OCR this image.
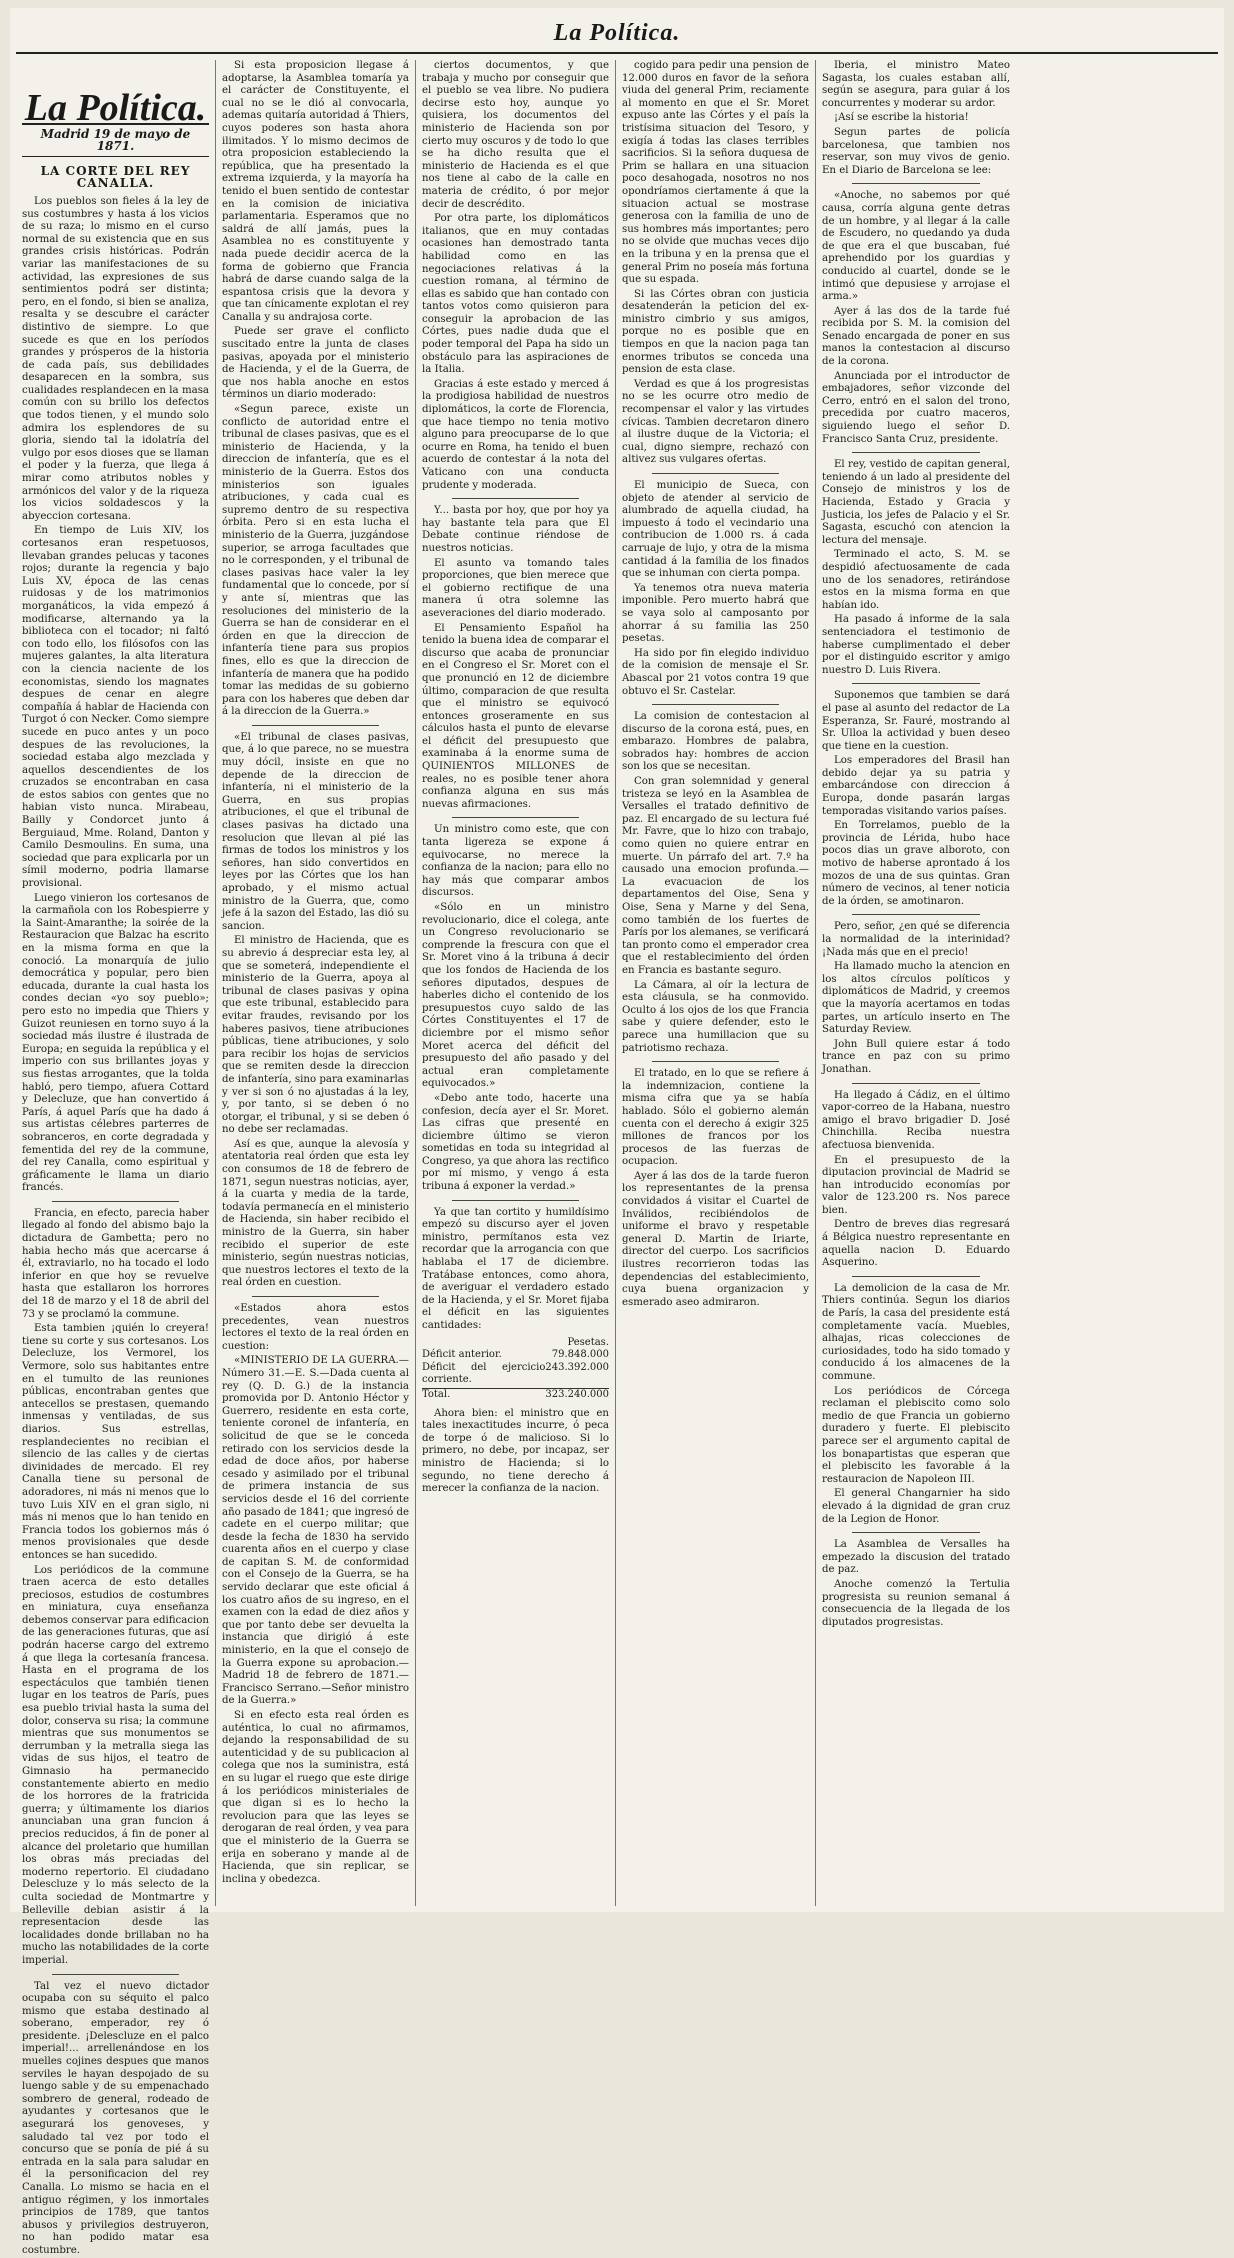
La Política.
La Política.
Madrid 19 de mayo de 1871.
LA CORTE DEL REY CANALLA.

Los pueblos son fieles á la ley de sus costumbres y hasta á los vicios de su raza; lo mismo en el curso normal de su existencia que en sus grandes crisis históricas. Podrán variar las manifestaciones de su actividad, las expresiones de sus sentimientos podrá ser distinta; pero, en el fondo, si bien se analiza, resalta y se descubre el carácter distintivo de siempre. Lo que sucede es que en los períodos grandes y prósperos de la historia de cada país, sus debilidades desaparecen en la sombra, sus cualidades resplandecen en la masa común con su brillo los defectos que todos tienen, y el mundo solo admira los esplendores de su gloria, siendo tal la idolatría del vulgo por esos dioses que se llaman el poder y la fuerza, que llega á mirar como atributos nobles y armónicos del valor y de la riqueza los vicios soldadescos y la abyeccion cortesana.

En tiempo de Luis XIV, los cortesanos eran respetuosos, llevaban grandes pelucas y tacones rojos; durante la regencia y bajo Luis XV, época de las cenas ruidosas y de los matrimonios morganáticos, la vida empezó á modificarse, alternando ya la biblioteca con el tocador; ni faltó con todo ello, los filósofos con las mujeres galantes, la alta literatura con la ciencia naciente de los economistas, siendo los magnates despues de cenar en alegre compañía á hablar de Hacienda con Turgot ó con Necker. Como siempre sucede en puco antes y un poco despues de las revoluciones, la sociedad estaba algo mezclada y aquellos descendientes de los cruzados se encontraban en casa de estos sabios con gentes que no habian visto nunca. Mirabeau, Bailly y Condorcet junto á Berguiaud, Mme. Roland, Danton y Camilo Desmoulins. En suma, una sociedad que para explicarla por un símil moderno, podria llamarse provisional.

Luego vinieron los cortesanos de la carmañola con los Robespierre y la Saint-Amaranthe; la soirée de la Restauracion que Balzac ha escrito en la misma forma en que la conoció. La monarquía de julio democrática y popular, pero bien educada, durante la cual hasta los condes decian «yo soy pueblo»; pero esto no impedia que Thiers y Guizot reuniesen en torno suyo á la sociedad más ilustre é ilustrada de Europa; en seguida la república y el imperio con sus brillantes joyas y sus fiestas arrogantes, que la tolda habló, pero tiempo, afuera Cottard y Delecluze, que han convertido á París, á aquel París que ha dado á sus artistas célebres parterres de sobranceros, en corte degradada y fementida del rey de la commune, del rey Canalla, como espiritual y gráficamente le llama un diario francés.

Francia, en efecto, parecia haber llegado al fondo del abismo bajo la dictadura de Gambetta; pero no habia hecho más que acercarse á él, extraviarlo, no ha tocado el lodo inferior en que hoy se revuelve hasta que estallaron los horrores del 18 de marzo y el 18 de abril del 73 y se proclamó la commune.

Esta tambien ¡quién lo creyera! tiene su corte y sus cortesanos. Los Delecluze, los Vermorel, los Vermore, solo sus habitantes entre en el tumulto de las reuniones públicas, encontraban gentes que antecellos se prestasen, quemando inmensas y ventiladas, de sus diarios. Sus estrellas, resplandecientes no recibian el silencio de las calles y de ciertas divinidades de mercado. El rey Canalla tiene su personal de adoradores, ni más ni menos que lo tuvo Luis XIV en el gran siglo, ni más ni menos que lo han tenido en Francia todos los gobiernos más ó menos provisionales que desde entonces se han sucedido.

Los periódicos de la commune traen acerca de esto detalles preciosos, estudios de costumbres en miniatura, cuya enseñanza debemos conservar para edificacion de las generaciones futuras, que así podrán hacerse cargo del extremo á que llega la cortesanía francesa. Hasta en el programa de los espectáculos que también tienen lugar en los teatros de París, pues esa pueblo trivial hasta la suma del dolor, conserva su risa; la commune mientras que sus monumentos se derrumban y la metralla siega las vidas de sus hijos, el teatro de Gimnasio ha permanecido constantemente abierto en medio de los horrores de la fratricida guerra; y últimamente los diarios anunciaban una gran funcion á precios reducidos, á fin de poner al alcance del proletario que humillan los obras más preciadas del moderno repertorio. El ciudadano Delescluze y lo más selecto de la culta sociedad de Montmartre y Belleville debian asistir á la representacion desde las localidades donde brillaban no ha mucho las notabilidades de la corte imperial.

Tal vez el nuevo dictador ocupaba con su séquito el palco mismo que estaba destinado al soberano, emperador, rey ó presidente. ¡Delescluze en el palco imperial!... arrellenándose en los muelles cojines despues que manos serviles le hayan despojado de su luengo sable y de su empenachado sombrero de general, rodeado de ayudantes y cortesanos que le asegurará los genoveses, y saludado tal vez por todo el concurso que se ponía de pié á su entrada en la sala para saludar en él la personificacion del rey Canalla. Lo mismo se hacia en el antiguo régimen, y los inmortales principios de 1789, que tantos abusos y privilegios destruyeron, no han podido matar esa costumbre.

Si esta proposicion llegase á adoptarse, la Asamblea tomaría ya el carácter de Constituyente, el cual no se le dió al convocarla, ademas quitaría autoridad á Thiers, cuyos poderes son hasta ahora ilimitados. Y lo mismo decimos de otra proposicion estableciendo la república, que ha presentado la extrema izquierda, y la mayoría ha tenido el buen sentido de contestar en la comision de iniciativa parlamentaria. Esperamos que no saldrá de allí jamás, pues la Asamblea no es constituyente y nada puede decidir acerca de la forma de gobierno que Francia habrá de darse cuando salga de la espantosa crisis que la devora y que tan cínicamente explotan el rey Canalla y su andrajosa corte.

Puede ser grave el conflicto suscitado entre la junta de clases pasivas, apoyada por el ministerio de Hacienda, y el de la Guerra, de que nos habla anoche en estos términos un diario moderado:

«Segun parece, existe un conflicto de autoridad entre el tribunal de clases pasivas, que es el ministerio de Hacienda, y la direccion de infantería, que es el ministerio de la Guerra. Estos dos ministerios son iguales atribuciones, y cada cual es supremo dentro de su respectiva órbita. Pero si en esta lucha el ministerio de la Guerra, juzgándose superior, se arroga facultades que no le corresponden, y el tribunal de clases pasivas hace valer la ley fundamental que lo concede, por sí y ante sí, mientras que las resoluciones del ministerio de la Guerra se han de considerar en el órden en que la direccion de infantería tiene para sus propios fines, ello es que la direccion de infantería de manera que ha podido tomar las medidas de su gobierno para con los haberes que deben dar á la direccion de la Guerra.»

«El tribunal de clases pasivas, que, á lo que parece, no se muestra muy dócil, insiste en que no depende de la direccion de infantería, ni el ministerio de la Guerra, en sus propias atribuciones, el que el tribunal de clases pasivas ha dictado una resolucion que llevan al pié las firmas de todos los ministros y los señores, han sido convertidos en leyes por las Córtes que los han aprobado, y el mismo actual ministro de la Guerra, que, como jefe á la sazon del Estado, las dió su sancion.

El ministro de Hacienda, que es su abrevio á despreciar esta ley, al que se someterá, independiente el ministerio de la Guerra, apoya al tribunal de clases pasivas y opina que este tribunal, establecido para evitar fraudes, revisando por los haberes pasivos, tiene atribuciones públicas, tiene atribuciones, y solo para recibir los hojas de servicios que se remiten desde la direccion de infantería, sino para examinarlas y ver si son ó no ajustadas á la ley, y, por tanto, si se deben ó no otorgar, el tribunal, y si se deben ó no debe ser reclamadas.

Así es que, aunque la alevosía y atentatoria real órden que esta ley con consumos de 18 de febrero de 1871, segun nuestras noticias, ayer, á la cuarta y media de la tarde, todavía permanecía en el ministerio de Hacienda, sin haber recibido el ministro de la Guerra, sin haber recibido el superior de este ministerio, según nuestras noticias, que nuestros lectores el texto de la real órden en cuestion.

«Estados ahora estos precedentes, vean nuestros lectores el texto de la real órden en cuestion:

«MINISTERIO DE LA GUERRA.—Número 31.—E. S.—Dada cuenta al rey (Q. D. G.) de la instancia promovida por D. Antonio Héctor y Guerrero, residente en esta corte, teniente coronel de infantería, en solicitud de que se le conceda retirado con los servicios desde la edad de doce años, por haberse cesado y asimilado por el tribunal de primera instancia de sus servicios desde el 16 del corriente año pasado de 1841; que ingresó de cadete en el cuerpo militar; que desde la fecha de 1830 ha servido cuarenta años en el cuerpo y clase de capitan S. M. de conformidad con el Consejo de la Guerra, se ha servido declarar que este oficial á los cuatro años de su ingreso, en el examen con la edad de diez años y que por tanto debe ser devuelta la instancia que dirigió á este ministerio, en la que el consejo de la Guerra expone su aprobacion.—Madrid 18 de febrero de 1871.—Francisco Serrano.—Señor ministro de la Guerra.»

Si en efecto esta real órden es auténtica, lo cual no afirmamos, dejando la responsabilidad de su autenticidad y de su publicacion al colega que nos la suministra, está en su lugar el ruego que este dirige á los periódicos ministeriales de que digan si es lo hecho la revolucion para que las leyes se derogaran de real órden, y vea para que el ministerio de la Guerra se erija en soberano y mande al de Hacienda, que sin replicar, se inclina y obedezca.

ciertos documentos, y que trabaja y mucho por conseguir que el pueblo se vea libre. No pudiera decirse esto hoy, aunque yo quisiera, los documentos del ministerio de Hacienda son por cierto muy oscuros y de todo lo que se ha dicho resulta que el ministerio de Hacienda es el que nos tiene al cabo de la calle en materia de crédito, ó por mejor decir de descrédito.

Por otra parte, los diplomáticos italianos, que en muy contadas ocasiones han demostrado tanta habilidad como en las negociaciones relativas á la cuestion romana, al término de ellas es sabido que han contado con tantos votos como quisieron para conseguir la aprobacion de las Córtes, pues nadie duda que el poder temporal del Papa ha sido un obstáculo para las aspiraciones de la Italia.

Gracias á este estado y merced á la prodigiosa habilidad de nuestros diplomáticos, la corte de Florencia, que hace tiempo no tenia motivo alguno para preocuparse de lo que ocurre en Roma, ha tenido el buen acuerdo de contestar á la nota del Vaticano con una conducta prudente y moderada.

Y... basta por hoy, que por hoy ya hay bastante tela para que El Debate continue riéndose de nuestros noticias.

El asunto va tomando tales proporciones, que bien merece que el gobierno rectifique de una manera ú otra solemne las aseveraciones del diario moderado.

El Pensamiento Español ha tenido la buena idea de comparar el discurso que acaba de pronunciar en el Congreso el Sr. Moret con el que pronunció en 12 de diciembre último, comparacion de que resulta que el ministro se equivocó entonces groseramente en sus cálculos hasta el punto de elevarse el déficit del presupuesto que examinaba á la enorme suma de QUINIENTOS MILLONES de reales, no es posible tener ahora confianza alguna en sus más nuevas afirmaciones.

Un ministro como este, que con tanta ligereza se expone á equivocarse, no merece la confianza de la nacion; para ello no hay más que comparar ambos discursos.

«Sólo en un ministro revolucionario, dice el colega, ante un Congreso revolucionario se comprende la frescura con que el Sr. Moret vino á la tribuna á decir que los fondos de Hacienda de los señores diputados, despues de haberles dicho el contenido de los presupuestos cuyo saldo de las Córtes Constituyentes el 17 de diciembre por el mismo señor Moret acerca del déficit del presupuesto del año pasado y del actual eran completamente equivocados.»

«Debo ante todo, hacerte una confesion, decía ayer el Sr. Moret. Las cifras que presenté en diciembre último se vieron sometidas en toda su integridad al Congreso, ya que ahora las rectifico por mí mismo, y vengo á esta tribuna á exponer la verdad.»

Ya que tan cortito y humildísimo empezó su discurso ayer el joven ministro, permítanos esta vez recordar que la arrogancia con que hablaba el 17 de diciembre. Tratábase entonces, como ahora, de averiguar el verdadero estado de la Hacienda, y el Sr. Moret fijaba el déficit en las siguientes cantidades:

Pesetas.
Déficit anterior.	79.848.000
Déficit del ejercicio corriente.
243.392.000
Total.	323.240.000

Ahora bien: el ministro que en tales inexactitudes incurre, ó peca de torpe ó de malicioso. Si lo primero, no debe, por incapaz, ser ministro de Hacienda; si lo segundo, no tiene derecho á merecer la confianza de la nacion.

cogido para pedir una pension de 12.000 duros en favor de la señora viuda del general Prim, reciamente al momento en que el Sr. Moret expuso ante las Córtes y el país la tristísima situacion del Tesoro, y exigía á todas las clases terribles sacrificios. Si la señora duquesa de Prim se hallara en una situacion poco desahogada, nosotros no nos opondríamos ciertamente á que la situacion actual se mostrase generosa con la familia de uno de sus hombres más importantes; pero no se olvide que muchas veces dijo en la tribuna y en la prensa que el general Prim no poseía más fortuna que su espada.

Si las Córtes obran con justicia desatenderán la peticion del ex-ministro cimbrio y sus amigos, porque no es posible que en tiempos en que la nacion paga tan enormes tributos se conceda una pension de esta clase.

Verdad es que á los progresistas no se les ocurre otro medio de recompensar el valor y las virtudes cívicas. Tambien decretaron dinero al ilustre duque de la Victoria; el cual, digno siempre, rechazó con altivez sus vulgares ofertas.

El municipio de Sueca, con objeto de atender al servicio de alumbrado de aquella ciudad, ha impuesto á todo el vecindario una contribucion de 1.000 rs. á cada carruaje de lujo, y otra de la misma cantidad á la familia de los finados que se inhuman con cierta pompa.

Ya tenemos otra nueva materia imponible. Pero muerto habrá que se vaya solo al camposanto por ahorrar á su familia las 250 pesetas.

Ha sido por fin elegido individuo de la comision de mensaje el Sr. Abascal por 21 votos contra 19 que obtuvo el Sr. Castelar.

La comision de contestacion al discurso de la corona está, pues, en embarazo. Hombres de palabra, sobrados hay: hombres de accion son los que se necesitan.

Con gran solemnidad y general tristeza se leyó en la Asamblea de Versalles el tratado definitivo de paz. El encargado de su lectura fué Mr. Favre, que lo hizo con trabajo, como quien no quiere entrar en muerte. Un párrafo del art. 7.º ha causado una emocion profunda.—La evacuacion de los departamentos del Oise, Sena y Oise, Sena y Marne y del Sena, como también de los fuertes de París por los alemanes, se verificará tan pronto como el emperador crea que el restablecimiento del órden en Francia es bastante seguro.

La Cámara, al oír la lectura de esta cláusula, se ha conmovido. Oculto á los ojos de los que Francia sabe y quiere defender, esto le parece una humillacion que su patriotismo rechaza.

El tratado, en lo que se refiere á la indemnizacion, contiene la misma cifra que ya se había hablado. Sólo el gobierno alemán cuenta con el derecho á exigir 325 millones de francos por los procesos de las fuerzas de ocupacion.

Ayer á las dos de la tarde fueron los representantes de la prensa convidados á visitar el Cuartel de Inválidos, recibiéndolos de uniforme el bravo y respetable general D. Martin de Iriarte, director del cuerpo. Los sacrificios ilustres recorrieron todas las dependencias del establecimiento, cuya buena organizacion y esmerado aseo admiraron.

Iberia, el ministro Mateo Sagasta, los cuales estaban allí, según se asegura, para guiar á los concurrentes y moderar su ardor.

¡Así se escribe la historia!

Segun partes de policía barcelonesa, que tambien nos reservar, son muy vivos de genio. En el Diario de Barcelona se lee:

«Anoche, no sabemos por qué causa, corría alguna gente detras de un hombre, y al llegar á la calle de Escudero, no quedando ya duda de que era el que buscaban, fué aprehendido por los guardias y conducido al cuartel, donde se le intimó que depusiese y arrojase el arma.»

Ayer á las dos de la tarde fué recibida por S. M. la comision del Senado encargada de poner en sus manos la contestacion al discurso de la corona.

Anunciada por el introductor de embajadores, señor vizconde del Cerro, entró en el salon del trono, precedida por cuatro maceros, siguiendo luego el señor D. Francisco Santa Cruz, presidente.

El rey, vestido de capitan general, teniendo á un lado al presidente del Consejo de ministros y los de Hacienda, Estado y Gracia y Justicia, los jefes de Palacio y el Sr. Sagasta, escuchó con atencion la lectura del mensaje.

Terminado el acto, S. M. se despidió afectuosamente de cada uno de los senadores, retirándose estos en la misma forma en que habían ido.

Ha pasado á informe de la sala sentenciadora el testimonio de haberse cumplimentado el deber por el distinguido escritor y amigo nuestro D. Luis Rivera.

Suponemos que tambien se dará el pase al asunto del redactor de La Esperanza, Sr. Fauré, mostrando al Sr. Ulloa la actividad y buen deseo que tiene en la cuestion.

Los emperadores del Brasil han debido dejar ya su patria y embarcándose con direccion á Europa, donde pasarán largas temporadas visitando varios países.

En Torrelamos, pueblo de la provincia de Lérida, hubo hace pocos dias un grave alboroto, con motivo de haberse aprontado á los mozos de una de sus quintas. Gran número de vecinos, al tener noticia de la órden, se amotinaron.

Pero, señor, ¿en qué se diferencia la normalidad de la interinidad? ¡Nada más que en el precio!

Ha llamado mucho la atencion en los altos círculos políticos y diplomáticos de Madrid, y creemos que la mayoría acertamos en todas partes, un artículo inserto en The Saturday Review.

John Bull quiere estar á todo trance en paz con su primo Jonathan.

Ha llegado á Cádiz, en el último vapor-correo de la Habana, nuestro amigo el bravo brigadier D. José Chinchilla. Reciba nuestra afectuosa bienvenida.

En el presupuesto de la diputacion provincial de Madrid se han introducido economías por valor de 123.200 rs. Nos parece bien.

Dentro de breves dias regresará á Bélgica nuestro representante en aquella nacion D. Eduardo Asquerino.

La demolicion de la casa de Mr. Thiers continúa. Segun los diarios de París, la casa del presidente está completamente vacía. Muebles, alhajas, ricas colecciones de curiosidades, todo ha sido tomado y conducido á los almacenes de la commune.

Los periódicos de Córcega reclaman el plebiscito como solo medio de que Francia un gobierno duradero y fuerte. El plebiscito parece ser el argumento capital de los bonapartistas que esperan que el plebiscito les favorable á la restauracion de Napoleon III.

El general Changarnier ha sido elevado á la dignidad de gran cruz de la Legion de Honor.

La Asamblea de Versalles ha empezado la discusion del tratado de paz.

Anoche comenzó la Tertulia progresista su reunion semanal á consecuencia de la llegada de los diputados progresistas.
